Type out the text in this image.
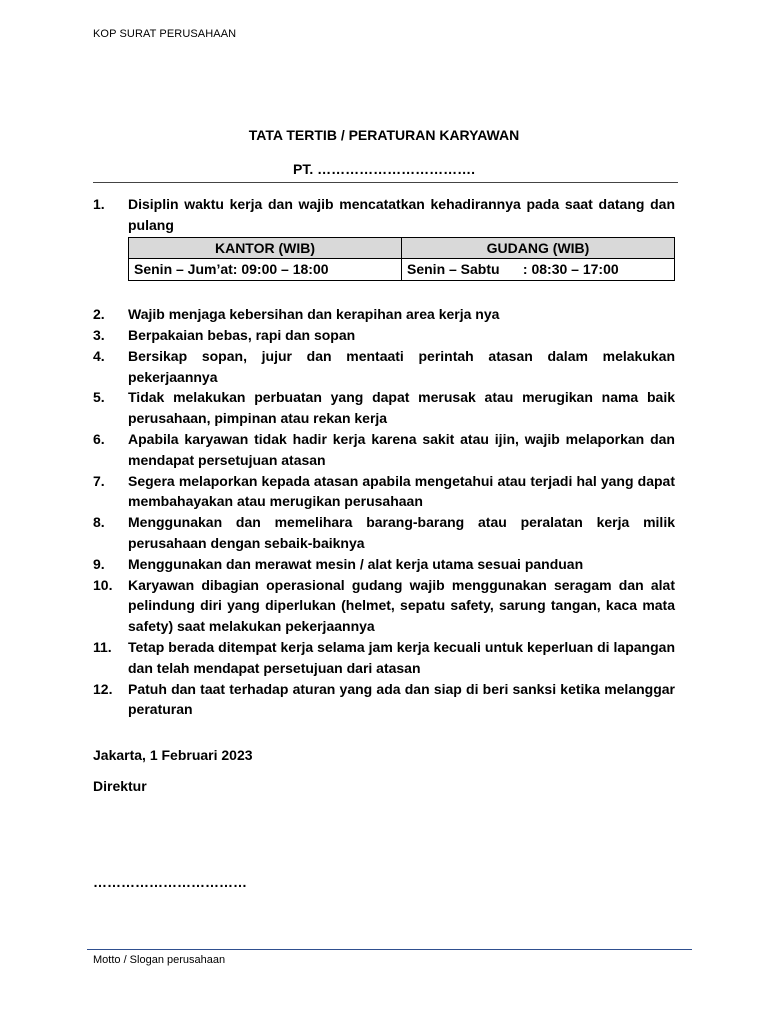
KOP SURAT PERUSAHAAN
TATA TERTIB / PERATURAN KARYAWAN
PT. …………………………….
1.	Disiplin waktu kerja dan wajib mencatatkan kehadirannya pada saat datang dan pulang
KANTOR (WIB)	GUDANG (WIB)
Senin – Jum’at: 09:00 – 18:00	Senin – Sabtu      : 08:30 – 17:00
2.	Wajib menjaga kebersihan dan kerapihan area kerja nya
3.	Berpakaian bebas, rapi dan sopan
4.	Bersikap sopan, jujur dan mentaati perintah atasan dalam melakukan pekerjaannya
5.	Tidak melakukan perbuatan yang dapat merusak atau merugikan nama baik perusahaan, pimpinan atau rekan kerja
6.	Apabila karyawan tidak hadir kerja karena sakit atau ijin, wajib melaporkan dan mendapat persetujuan atasan
7.	Segera melaporkan kepada atasan apabila mengetahui atau terjadi hal yang dapat membahayakan atau merugikan perusahaan
8.	Menggunakan dan memelihara barang-barang atau peralatan kerja milik perusahaan dengan sebaik-baiknya
9.	Menggunakan dan merawat mesin / alat kerja utama sesuai panduan
10.	Karyawan dibagian operasional gudang wajib menggunakan seragam dan alat pelindung diri yang diperlukan (helmet, sepatu safety, sarung tangan, kaca mata safety) saat melakukan pekerjaannya
11.	Tetap berada ditempat kerja selama jam kerja kecuali untuk keperluan di lapangan dan telah mendapat persetujuan dari atasan
12.	Patuh dan taat terhadap aturan yang ada dan siap di beri sanksi ketika melanggar peraturan
Jakarta, 1 Februari 2023
Direktur
……………………………
Motto / Slogan perusahaan
